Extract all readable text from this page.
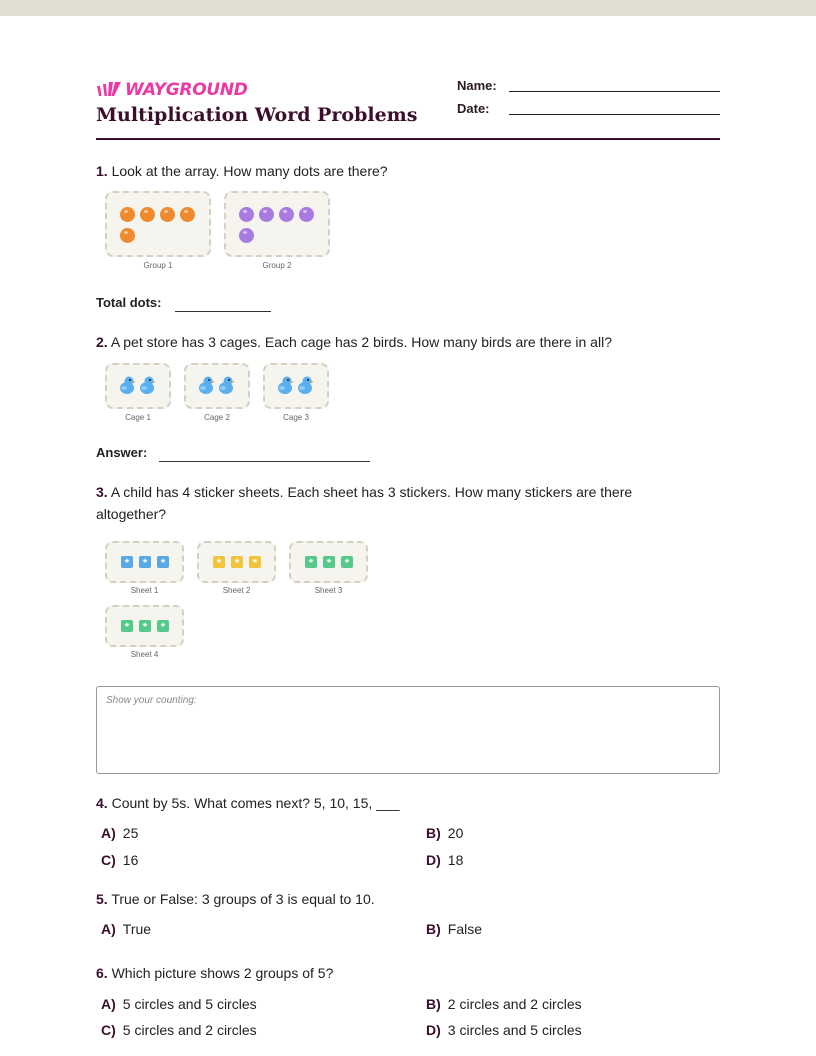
WAYGROUND
Multiplication Word Problems
Name:
Date:
1. Look at the array. How many dots are there?
Group 1	Group 2
Total dots:
2. A pet store has 3 cages. Each cage has 2 birds. How many birds are there in all?
Cage 1	Cage 2	Cage 3
Answer:
3. A child has 4 sticker sheets. Each sheet has 3 stickers. How many stickers are there altogether?
★	★	★
Sheet 1
★	★	★
Sheet 2
★	★	★
Sheet 3
★	★	★
Sheet 4
Show your counting:
4. Count by 5s. What comes next? 5, 10, 15, ___
A) 25	B) 20
C) 16	D) 18
5. True or False: 3 groups of 3 is equal to 10.
A) True	B) False
6. Which picture shows 2 groups of 5?
A) 5 circles and 5 circles	B) 2 circles and 2 circles
C) 5 circles and 2 circles	D) 3 circles and 5 circles
